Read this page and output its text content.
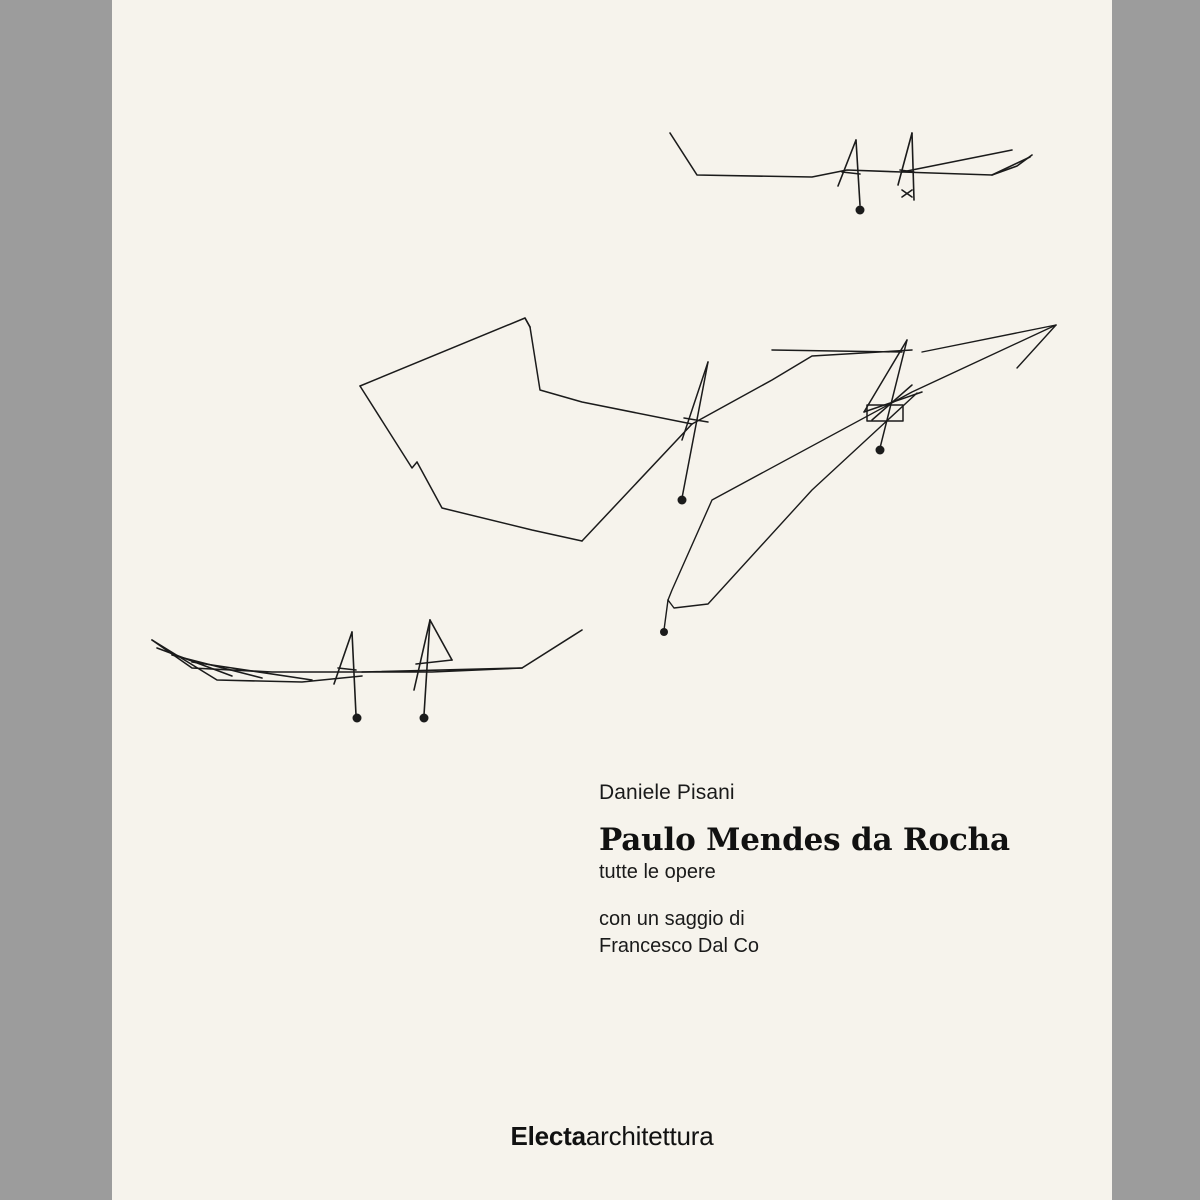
Daniele Pisani
Paulo Mendes da Rocha
tutte le opere
con un saggio di
Francesco Dal Co
Electaarchitettura
